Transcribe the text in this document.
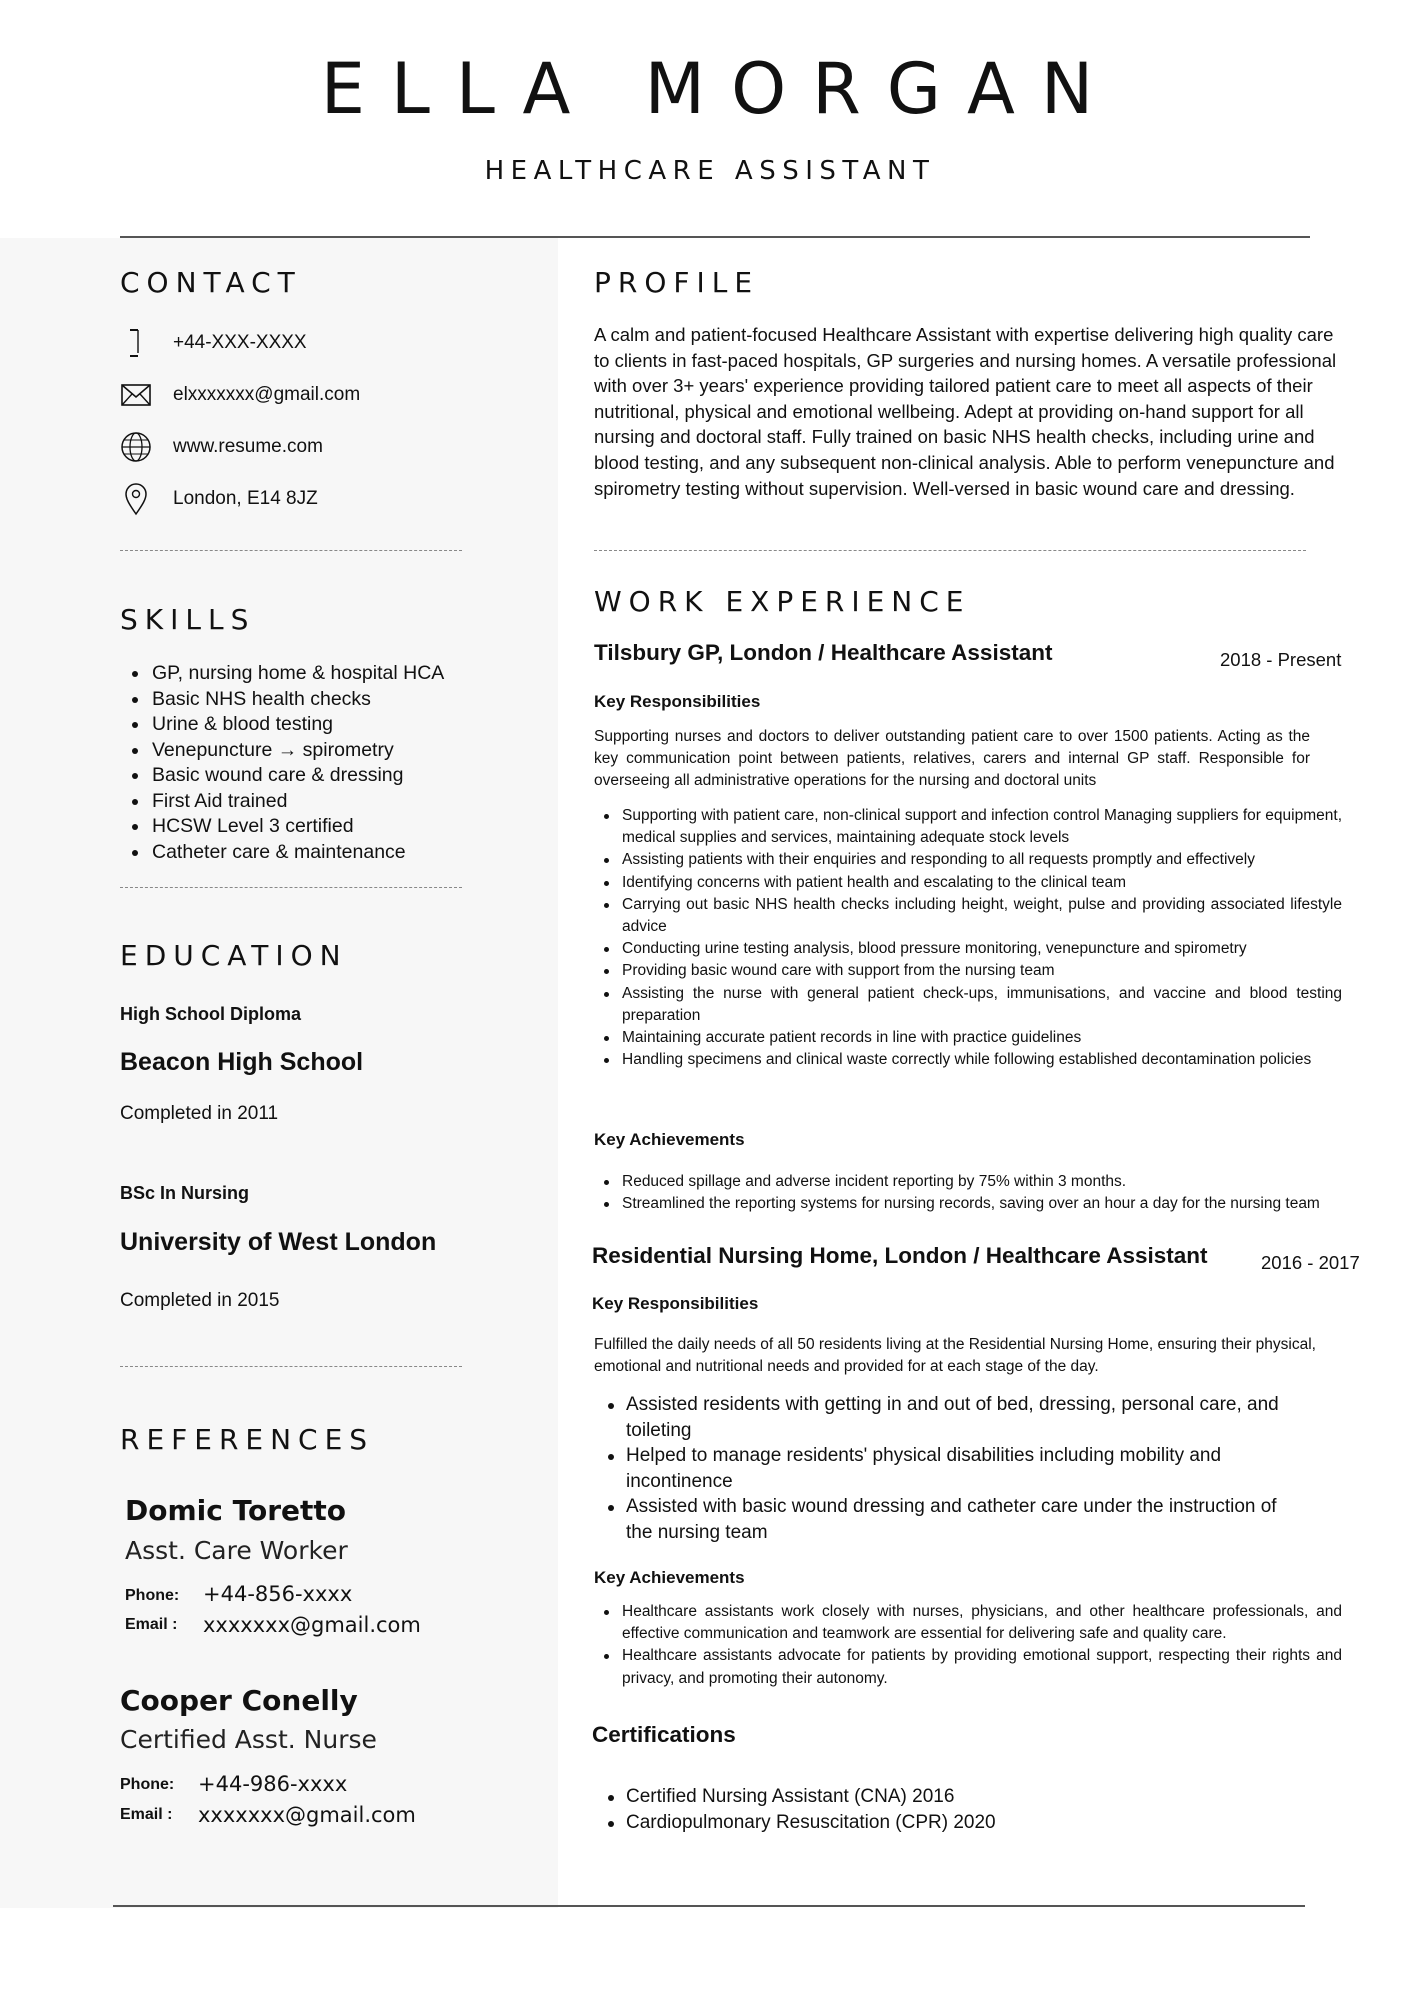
ELLA MORGAN
HEALTHCARE ASSISTANT
CONTACT
+44-XXX-XXXX
elxxxxxxx@gmail.com
www.resume.com
London, E14 8JZ
SKILLS
GP, nursing home & hospital HCA
Basic NHS health checks
Urine & blood testing
Venepuncture → spirometry
Basic wound care & dressing
First Aid trained
HCSW Level 3 certified
Catheter care & maintenance
EDUCATION
High School Diploma
Beacon High School
Completed in 2011
BSc In Nursing
University of West London
Completed in 2015
REFERENCES
Domic Toretto
Asst. Care Worker
Phone: +44-856-xxxx
Email : xxxxxxx@gmail.com
Cooper Conelly
Certified Asst. Nurse
Phone: +44-986-xxxx
Email : xxxxxxx@gmail.com
PROFILE
A calm and patient-focused Healthcare Assistant with expertise delivering high quality care to clients in fast-paced hospitals, GP surgeries and nursing homes. A versatile professional with over 3+ years' experience providing tailored patient care to meet all aspects of their nutritional, physical and emotional wellbeing. Adept at providing on-hand support for all nursing and doctoral staff. Fully trained on basic NHS health checks, including urine and blood testing, and any subsequent non-clinical analysis. Able to perform venepuncture and spirometry testing without supervision. Well-versed in basic wound care and dressing.
WORK EXPERIENCE
Tilsbury GP, London / Healthcare Assistant	2018 - Present
Key Responsibilities
Supporting nurses and doctors to deliver outstanding patient care to over 1500 patients. Acting as the key communication point between patients, relatives, carers and internal GP staff. Responsible for overseeing all administrative operations for the nursing and doctoral units
Supporting with patient care, non-clinical support and infection control Managing suppliers for equipment, medical supplies and services, maintaining adequate stock levels
Assisting patients with their enquiries and responding to all requests promptly and effectively
Identifying concerns with patient health and escalating to the clinical team
Carrying out basic NHS health checks including height, weight, pulse and providing associated lifestyle advice
Conducting urine testing analysis, blood pressure monitoring, venepuncture and spirometry
Providing basic wound care with support from the nursing team
Assisting the nurse with general patient check-ups, immunisations, and vaccine and blood testing preparation
Maintaining accurate patient records in line with practice guidelines
Handling specimens and clinical waste correctly while following established decontamination policies
Key Achievements
Reduced spillage and adverse incident reporting by 75% within 3 months.
Streamlined the reporting systems for nursing records, saving over an hour a day for the nursing team
Residential Nursing Home, London / Healthcare Assistant	2016 - 2017
Key Responsibilities
Fulfilled the daily needs of all 50 residents living at the Residential Nursing Home, ensuring their physical, emotional and nutritional needs and provided for at each stage of the day.
Assisted residents with getting in and out of bed, dressing, personal care, and toileting
Helped to manage residents' physical disabilities including mobility and incontinence
Assisted with basic wound dressing and catheter care under the instruction of the nursing team
Key Achievements
Healthcare assistants work closely with nurses, physicians, and other healthcare professionals, and effective communication and teamwork are essential for delivering safe and quality care.
Healthcare assistants advocate for patients by providing emotional support, respecting their rights and privacy, and promoting their autonomy.
Certifications
Certified Nursing Assistant (CNA) 2016
Cardiopulmonary Resuscitation (CPR) 2020
